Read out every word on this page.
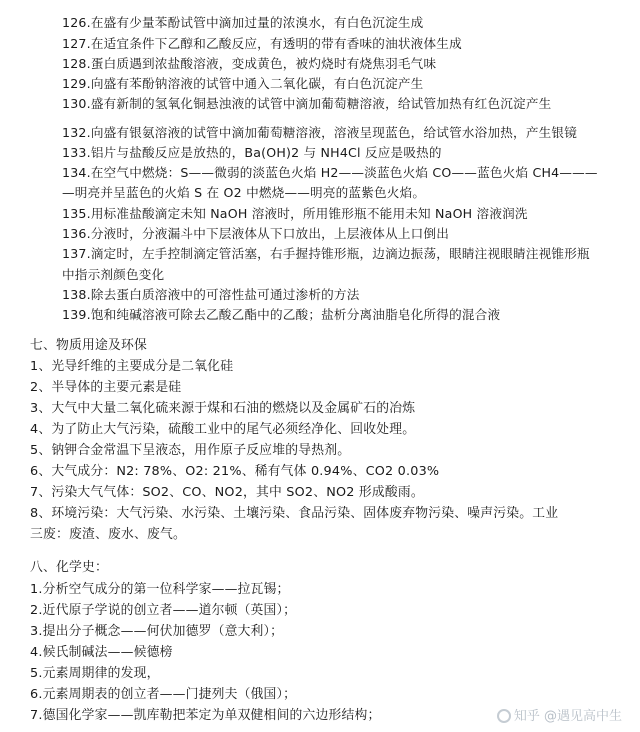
126.在盛有少量苯酚试管中滴加过量的浓溴水，有白色沉淀生成
127.在适宜条件下乙醇和乙酸反应，有透明的带有香味的油状液体生成
128.蛋白质遇到浓盐酸溶液，变成黄色，被灼烧时有烧焦羽毛气味
129.向盛有苯酚钠溶液的试管中通入二氧化碳，有白色沉淀产生
130.盛有新制的氢氧化铜悬浊液的试管中滴加葡萄糖溶液，给试管加热有红色沉淀产生
132.向盛有银氨溶液的试管中滴加葡萄糖溶液，溶液呈现蓝色，给试管水浴加热，产生银镜
133.铝片与盐酸反应是放热的，Ba(OH)2 与 NH4Cl 反应是吸热的
134.在空气中燃烧：S——微弱的淡蓝色火焰 H2——淡蓝色火焰 CO——蓝色火焰 CH4———
—明亮并呈蓝色的火焰 S 在 O2 中燃烧——明亮的蓝紫色火焰。
135.用标准盐酸滴定未知 NaOH 溶液时，所用锥形瓶不能用未知 NaOH 溶液润洗
136.分液时，分液漏斗中下层液体从下口放出，上层液体从上口倒出
137.滴定时，左手控制滴定管活塞，右手握持锥形瓶，边滴边振荡，眼睛注视眼睛注视锥形瓶
中指示剂颜色变化
138.除去蛋白质溶液中的可溶性盐可通过渗析的方法
139.饱和纯碱溶液可除去乙酸乙酯中的乙酸；盐析分离油脂皂化所得的混合液
七、物质用途及环保
1、光导纤维的主要成分是二氧化硅
2、半导体的主要元素是硅
3、大气中大量二氧化硫来源于煤和石油的燃烧以及金属矿石的冶炼
4、为了防止大气污染，硫酸工业中的尾气必须经净化、回收处理。
5、钠钾合金常温下呈液态，用作原子反应堆的导热剂。
6、大气成分：N2: 78%、O2: 21%、稀有气体 0.94%、CO2 0.03%
7、污染大气气体：SO2、CO、NO2，其中 SO2、NO2 形成酸雨。
8、环境污染：大气污染、水污染、土壤污染、食品污染、固体废弃物污染、噪声污染。工业
三废：废渣、废水、废气。
八、化学史：
1.分析空气成分的第一位科学家——拉瓦锡；
2.近代原子学说的创立者——道尔顿（英国）；
3.提出分子概念——何伏加德罗（意大利）；
4.候氏制碱法——候德榜
5.元素周期律的发现，
6.元素周期表的创立者——门捷列夫（俄国）；
7.德国化学家——凯库勒把苯定为单双健相间的六边形结构；	知乎 @遇见高中生
